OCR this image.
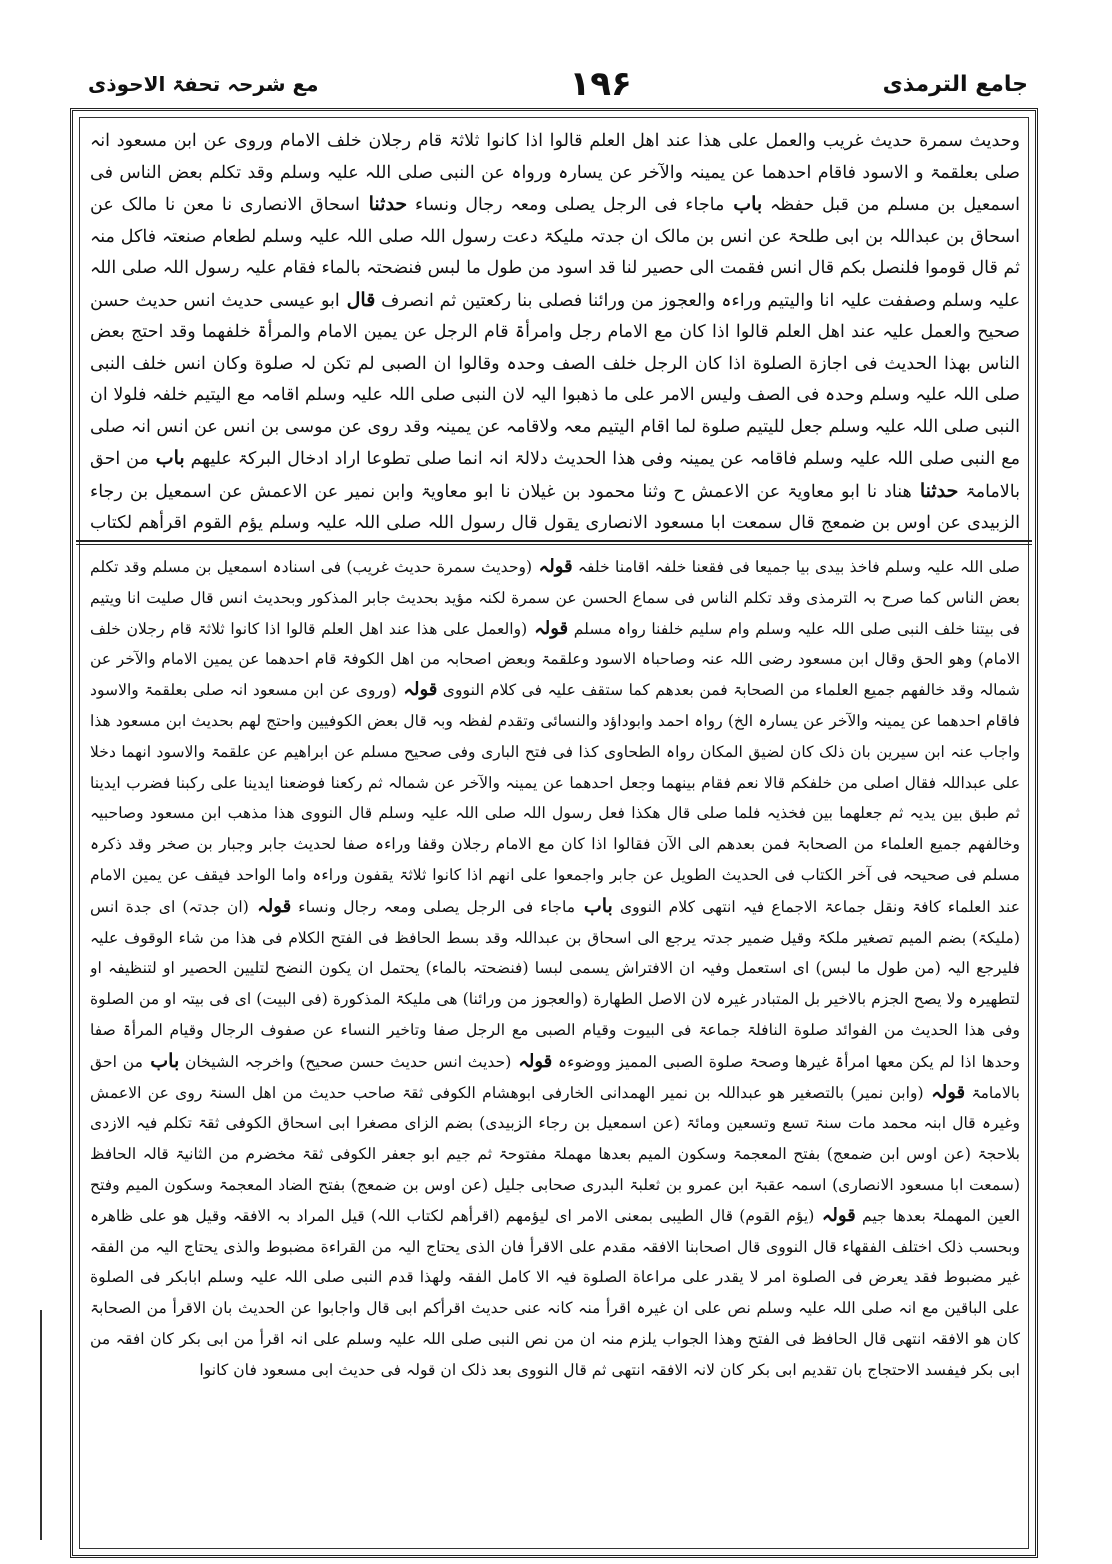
جامع الترمذی
۱۹۶
مع شرحہ تحفۃ الاحوذی
وحدیث سمرة حدیث غریب والعمل علی ھذا عند اھل العلم قالوا اذا کانوا ثلاثۃ قام رجلان خلف الامام وروی عن ابن مسعود انہ صلی بعلقمۃ و الاسود فاقام احدھما عن یمینہ والآخر عن یسارہ ورواہ عن النبی صلی اللہ علیہ وسلم وقد تکلم بعض الناس فی اسمعیل بن مسلم من قبل حفظہ باب ماجاء فی الرجل یصلی ومعہ رجال ونساء حدثنا اسحاق الانصاری نا معن نا مالک عن اسحاق بن عبداللہ بن ابی طلحۃ عن انس بن مالک ان جدتہ ملیکۃ دعت رسول اللہ صلی اللہ علیہ وسلم لطعام صنعتہ فاکل منہ ثم قال قوموا فلنصل بکم قال انس فقمت الی حصیر لنا قد اسود من طول ما لبس فنضحتہ بالماء فقام علیہ رسول اللہ صلی اللہ علیہ وسلم وصففت علیہ انا والیتیم وراءہ والعجوز من ورائنا فصلی بنا رکعتین ثم انصرف قال ابو عیسی حدیث انس حدیث حسن صحیح والعمل علیہ عند اھل العلم قالوا اذا کان مع الامام رجل وامرأۃ قام الرجل عن یمین الامام والمرأۃ خلفھما وقد احتج بعض الناس بھذا الحدیث فی اجازة الصلوة اذا کان الرجل خلف الصف وحدہ وقالوا ان الصبی لم تکن لہ صلوة وکان انس خلف النبی صلی اللہ علیہ وسلم وحدہ فی الصف ولیس الامر علی ما ذھبوا الیہ لان النبی صلی اللہ علیہ وسلم اقامہ مع الیتیم خلفہ فلولا ان النبی صلی اللہ علیہ وسلم جعل للیتیم صلوة لما اقام الیتیم معہ ولاقامہ عن یمینہ وقد روی عن موسی بن انس عن انس انہ صلی مع النبی صلی اللہ علیہ وسلم فاقامہ عن یمینہ وفی ھذا الحدیث دلالۃ انہ انما صلی تطوعا اراد ادخال البرکۃ علیھم باب من احق بالامامۃ حدثنا ھناد نا ابو معاویۃ عن الاعمش ح وثنا محمود بن غیلان نا ابو معاویۃ وابن نمیر عن الاعمش عن اسمعیل بن رجاء الزبیدی عن اوس بن ضمعج قال سمعت ابا مسعود الانصاری یقول قال رسول اللہ صلی اللہ علیہ وسلم یؤم القوم اقرأھم لکتاب
صلی اللہ علیہ وسلم فاخذ بیدی بیا جمیعا فی فقعنا خلفہ اقامنا خلفہ قولہ (وحدیث سمرة حدیث غریب) فی اسنادہ اسمعیل بن مسلم وقد تکلم بعض الناس کما صرح بہ الترمذی وقد تکلم الناس فی سماع الحسن عن سمرة لکنہ مؤید بحدیث جابر المذکور وبحدیث انس قال صلیت انا ویتیم فی بیتنا خلف النبی صلی اللہ علیہ وسلم وام سلیم خلفنا رواہ مسلم قولہ (والعمل علی ھذا عند اھل العلم قالوا اذا کانوا ثلاثۃ قام رجلان خلف الامام) وھو الحق وقال ابن مسعود رضی اللہ عنہ وصاحباہ الاسود وعلقمۃ وبعض اصحابہ من اھل الکوفۃ قام احدھما عن یمین الامام والآخر عن شمالہ وقد خالفھم جمیع العلماء من الصحابۃ فمن بعدھم کما ستقف علیہ فی کلام النووی قولہ (وروی عن ابن مسعود انہ صلی بعلقمۃ والاسود فاقام احدھما عن یمینہ والآخر عن یسارہ الخ) رواہ احمد وابوداؤد والنسائی وتقدم لفظہ وبہ قال بعض الکوفیین واحتج لھم بحدیث ابن مسعود ھذا واجاب عنہ ابن سیرین بان ذلک کان لضیق المکان رواہ الطحاوی کذا فی فتح الباری وفی صحیح مسلم عن ابراھیم عن علقمۃ والاسود انھما دخلا علی عبداللہ فقال اصلی من خلفکم قالا نعم فقام بینھما وجعل احدھما عن یمینہ والآخر عن شمالہ ثم رکعنا فوضعنا ایدینا علی رکبنا فضرب ایدینا ثم طبق بین یدیہ ثم جعلھما بین فخذیہ فلما صلی قال ھکذا فعل رسول اللہ صلی اللہ علیہ وسلم قال النووی ھذا مذھب ابن مسعود وصاحبیہ وخالفھم جمیع العلماء من الصحابۃ فمن بعدھم الی الآن فقالوا اذا کان مع الامام رجلان وقفا وراءہ صفا لحدیث جابر وجبار بن صخر وقد ذکرہ مسلم فی صحیحہ فی آخر الکتاب فی الحدیث الطویل عن جابر واجمعوا علی انھم اذا کانوا ثلاثۃ یقفون وراءہ واما الواحد فیقف عن یمین الامام عند العلماء کافۃ ونقل جماعۃ الاجماع فیہ انتھی کلام النووی باب ماجاء فی الرجل یصلی ومعہ رجال ونساء قولہ (ان جدتہ) ای جدة انس (ملیکۃ) بضم المیم تصغیر ملکۃ وقیل ضمیر جدتہ یرجع الی اسحاق بن عبداللہ وقد بسط الحافظ فی الفتح الکلام فی ھذا من شاء الوقوف علیہ فلیرجع الیہ (من طول ما لبس) ای استعمل وفیہ ان الافتراش یسمی لبسا (فنضحتہ بالماء) یحتمل ان یکون النضح لتلیین الحصیر او لتنظیفہ او لتطھیرہ ولا یصح الجزم بالاخیر بل المتبادر غیرہ لان الاصل الطھارة (والعجوز من ورائنا) ھی ملیکۃ المذکورة (فی البیت) ای فی بیتہ او من الصلوة وفی ھذا الحدیث من الفوائد صلوة النافلۃ جماعۃ فی البیوت وقیام الصبی مع الرجل صفا وتاخیر النساء عن صفوف الرجال وقیام المرأۃ صفا وحدھا اذا لم یکن معھا امرأۃ غیرھا وصحۃ صلوة الصبی الممیز ووضوءہ قولہ (حدیث انس حدیث حسن صحیح) واخرجہ الشیخان باب من احق بالامامۃ قولہ (وابن نمیر) بالتصغیر ھو عبداللہ بن نمیر الھمدانی الخارفی ابوھشام الکوفی ثقۃ صاحب حدیث من اھل السنۃ روی عن الاعمش وغیرہ قال ابنہ محمد مات سنۃ تسع وتسعین ومائۃ (عن اسمعیل بن رجاء الزبیدی) بضم الزای مصغرا ابی اسحاق الکوفی ثقۃ تکلم فیہ الازدی بلاحجۃ (عن اوس ابن ضمعج) بفتح المعجمۃ وسکون المیم بعدھا مھملۃ مفتوحۃ ثم جیم ابو جعفر الکوفی ثقۃ مخضرم من الثانیۃ قالہ الحافظ (سمعت ابا مسعود الانصاری) اسمہ عقبۃ ابن عمرو بن ثعلبۃ البدری صحابی جلیل (عن اوس بن ضمعج) بفتح الضاد المعجمۃ وسکون المیم وفتح العین المھملۃ بعدھا جیم قولہ (یؤم القوم) قال الطیبی بمعنی الامر ای لیؤمھم (اقرأھم لکتاب اللہ) قیل المراد بہ الافقہ وقیل ھو علی ظاھرہ وبحسب ذلک اختلف الفقھاء قال النووی قال اصحابنا الافقہ مقدم علی الاقرأ فان الذی یحتاج الیہ من القراءة مضبوط والذی یحتاج الیہ من الفقہ غیر مضبوط فقد یعرض فی الصلوة امر لا یقدر علی مراعاة الصلوة فیہ الا کامل الفقہ ولھذا قدم النبی صلی اللہ علیہ وسلم ابابکر فی الصلوة علی الباقین مع انہ صلی اللہ علیہ وسلم نص علی ان غیرہ اقرأ منہ کانہ عنی حدیث اقرأکم ابی قال واجابوا عن الحدیث بان الاقرأ من الصحابۃ کان ھو الافقہ انتھی قال الحافظ فی الفتح وھذا الجواب یلزم منہ ان من نص النبی صلی اللہ علیہ وسلم علی انہ اقرأ من ابی بکر کان افقہ من ابی بکر فیفسد الاحتجاج بان تقدیم ابی بکر کان لانہ الافقہ انتھی ثم قال النووی بعد ذلک ان قولہ فی حدیث ابی مسعود فان کانوا
